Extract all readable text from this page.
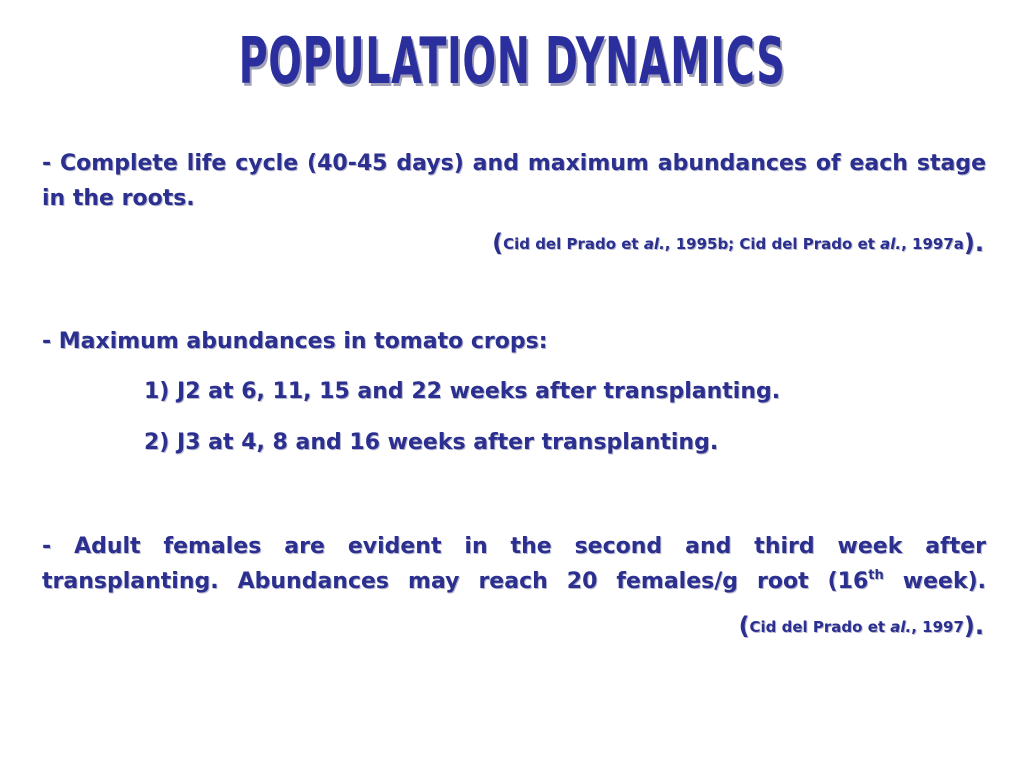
POPULATION DYNAMICS
- Complete life cycle (40-45 days) and maximum abundances of each stage in the roots.
(Cid del Prado et al., 1995b; Cid del Prado et al., 1997a).
- Maximum abundances in tomato crops:
1) J2 at 6, 11, 15 and 22 weeks after transplanting.
2) J3 at 4, 8 and 16 weeks after transplanting.
- Adult females are evident in the second and third week after
transplanting. Abundances may reach 20 females/g root (16th week).
(Cid del Prado et al., 1997).
